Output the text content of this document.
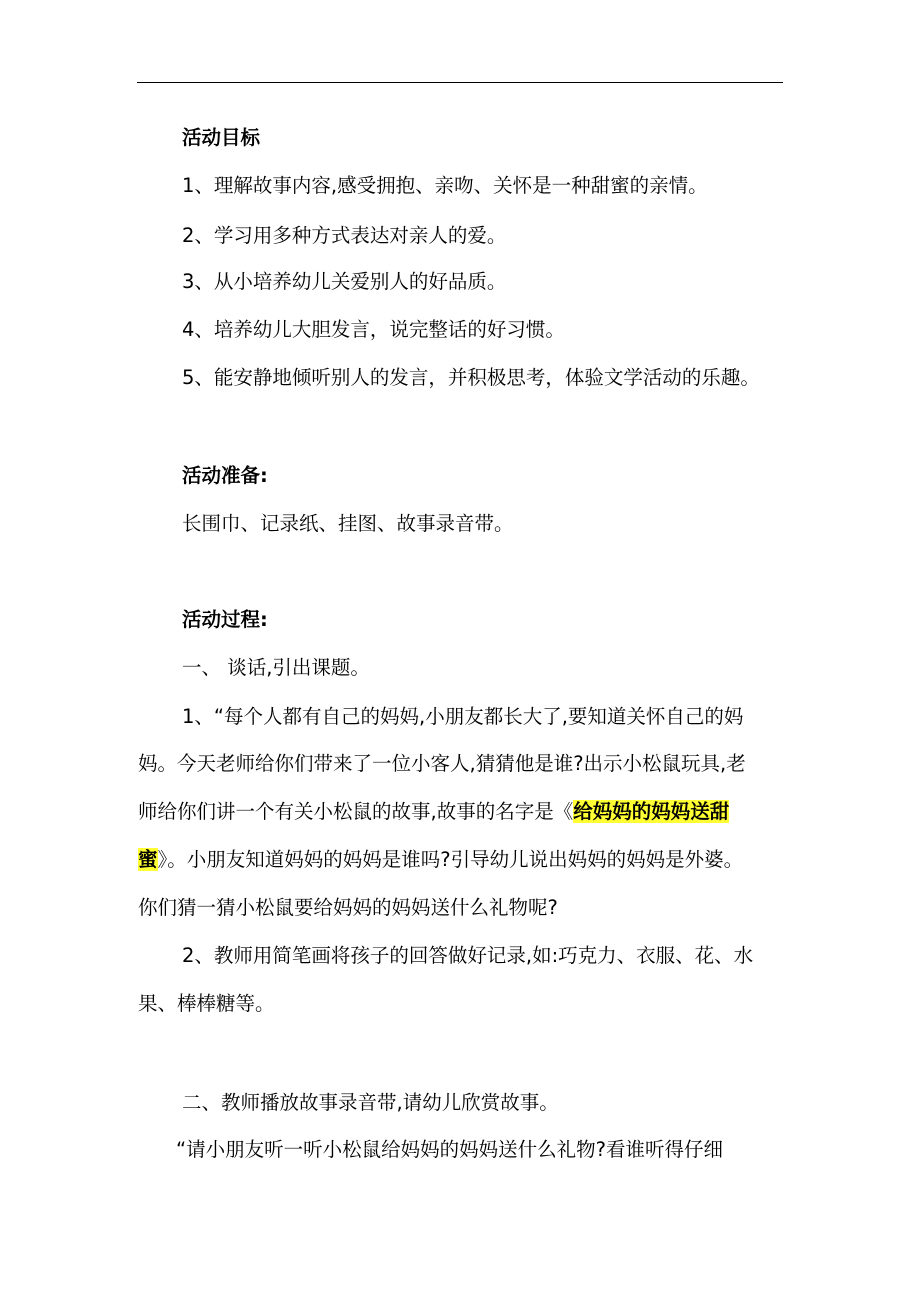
活动目标
1、理解故事内容,感受拥抱、亲吻、关怀是一种甜蜜的亲情。
2、学习用多种方式表达对亲人的爱。
3、从小培养幼儿关爱别人的好品质。
4、培养幼儿大胆发言，说完整话的好习惯。
5、能安静地倾听别人的发言，并积极思考，体验文学活动的乐趣。
活动准备:
长围巾、记录纸、挂图、故事录音带。
活动过程:
一、 谈话,引出课题。
1、“每个人都有自己的妈妈,小朋友都长大了,要知道关怀自己的妈
妈。今天老师给你们带来了一位小客人,猜猜他是谁?出示小松鼠玩具,老
师给你们讲一个有关小松鼠的故事,故事的名字是《给妈妈的妈妈送甜
蜜》。小朋友知道妈妈的妈妈是谁吗?引导幼儿说出妈妈的妈妈是外婆。
你们猜一猜小松鼠要给妈妈的妈妈送什么礼物呢?
2、教师用简笔画将孩子的回答做好记录,如:巧克力、衣服、花、水
果、棒棒糖等。
二、教师播放故事录音带,请幼儿欣赏故事。
“请小朋友听一听小松鼠给妈妈的妈妈送什么礼物?看谁听得仔细
